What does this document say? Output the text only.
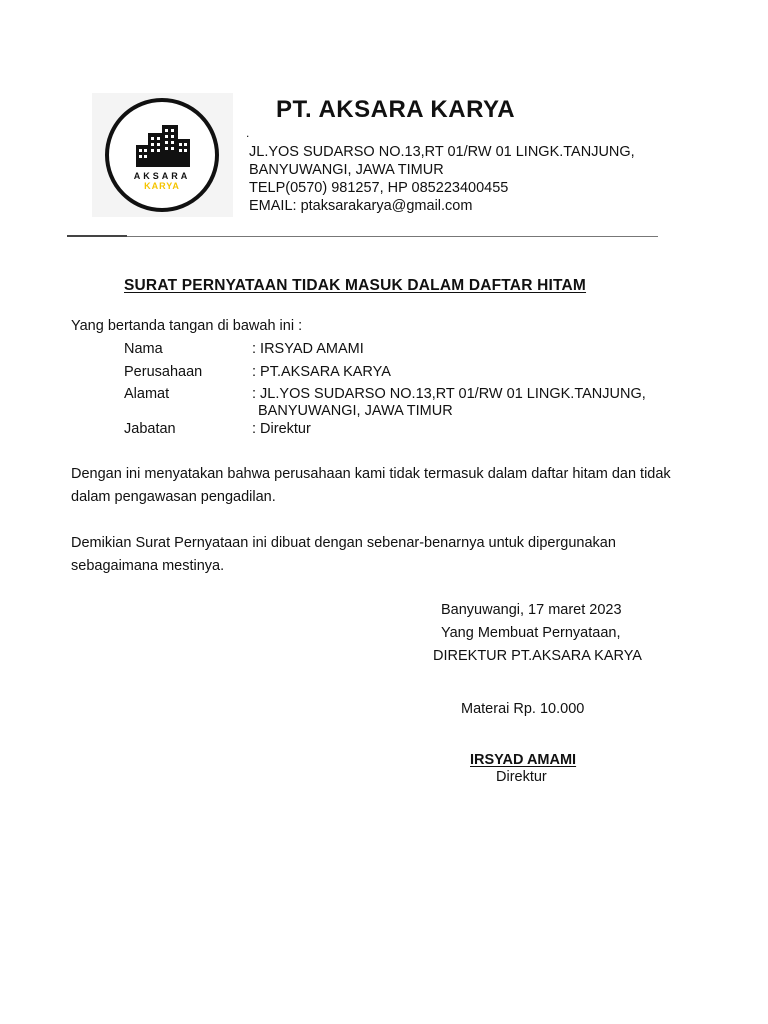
AKSARA
KARYA
PT. AKSARA KARYA
.
JL.YOS SUDARSO NO.13,RT 01/RW 01 LINGK.TANJUNG,
BANYUWANGI, JAWA TIMUR
TELP(0570) 981257, HP 085223400455
EMAIL: ptaksarakarya@gmail.com
SURAT PERNYATAAN TIDAK MASUK DALAM DAFTAR HITAM
Yang bertanda tangan di bawah ini :
Nama	: IRSYAD AMAMI
Perusahaan	: PT.AKSARA KARYA
Alamat	: JL.YOS SUDARSO NO.13,RT 01/RW 01 LINGK.TANJUNG,
BANYUWANGI, JAWA TIMUR
Jabatan	: Direktur
Dengan ini menyatakan bahwa perusahaan kami tidak termasuk dalam daftar hitam dan tidak
dalam pengawasan pengadilan.
Demikian Surat Pernyataan ini dibuat dengan sebenar-benarnya untuk dipergunakan
sebagaimana mestinya.
Banyuwangi, 17 maret 2023
Yang Membuat Pernyataan,
DIREKTUR PT.AKSARA KARYA
Materai Rp. 10.000
IRSYAD AMAMI
Direktur
